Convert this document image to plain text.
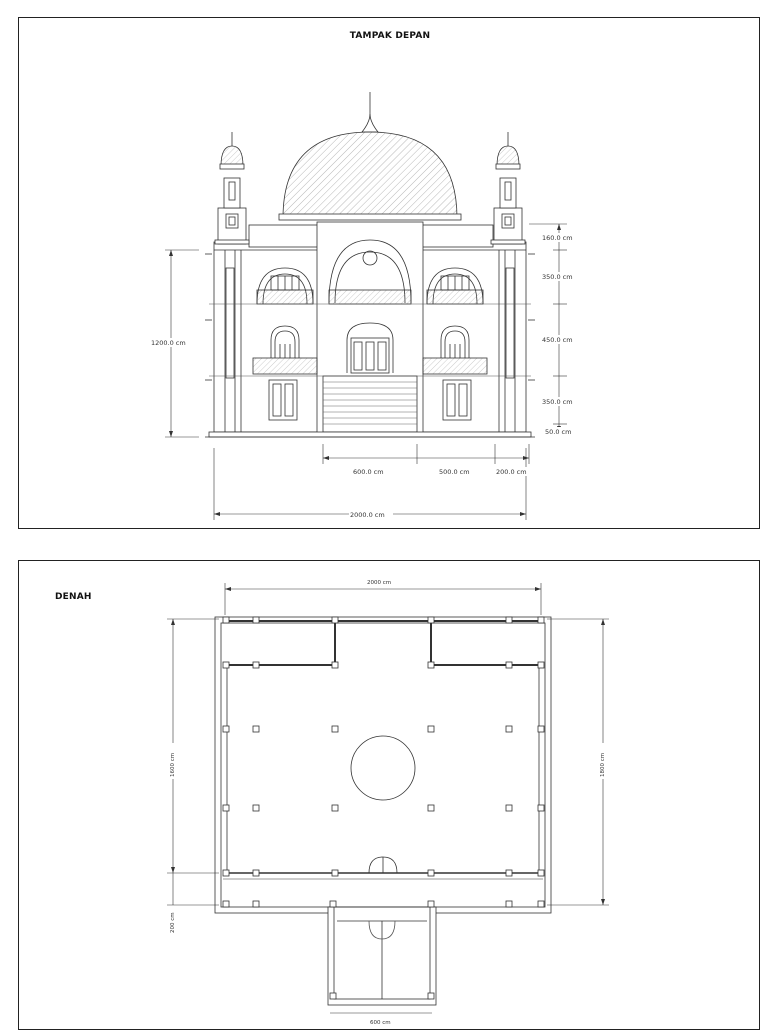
TAMPAK DEPAN
160.0 cm
350.0 cm
450.0 cm
350.0 cm
50.0 cm
1200.0 cm
600.0 cm	500.0 cm	200.0 cm
2000.0 cm
DENAH
2000 cm
1600 cm	1800 cm
200 cm
600 cm
